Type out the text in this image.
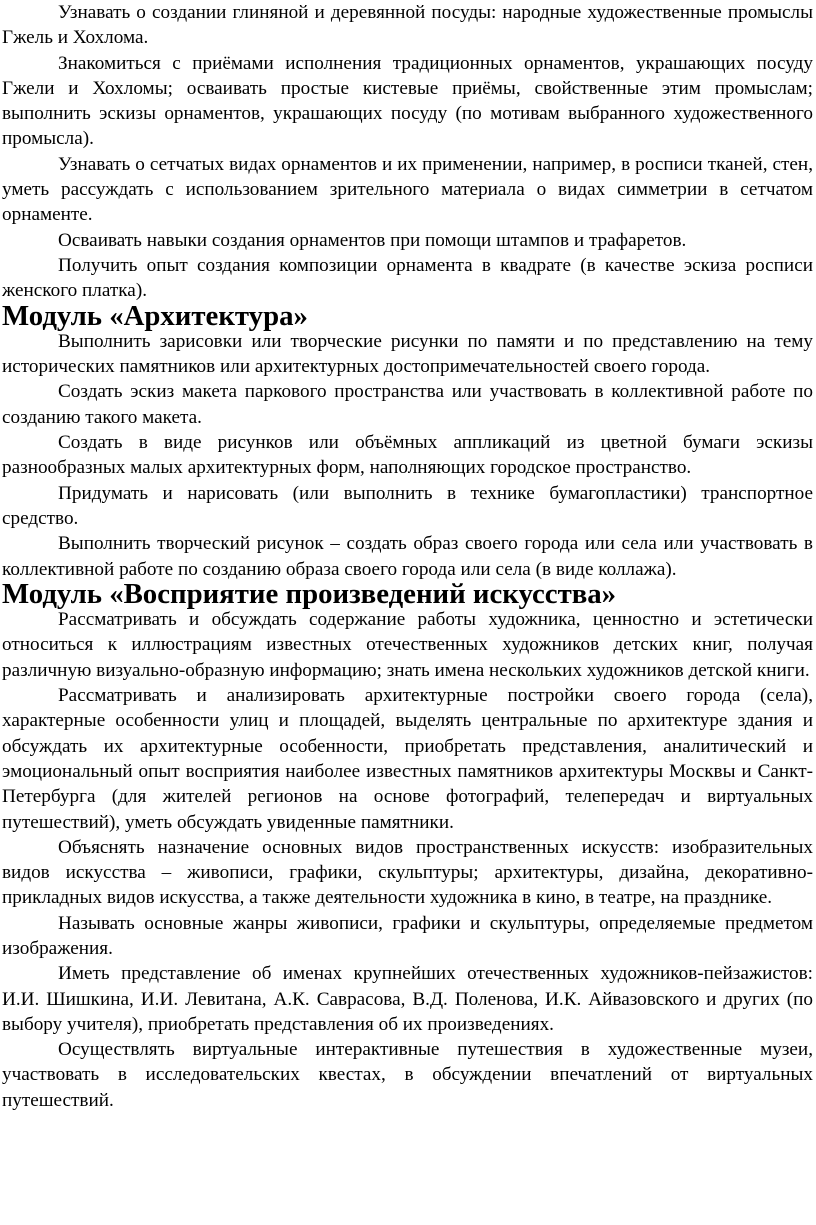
Узнавать о создании глиняной и деревянной посуды: народные художественные промыслы Гжель и Хохлома.

Знакомиться с приёмами исполнения традиционных орнаментов, украшающих посуду Гжели и Хохломы; осваивать простые кистевые приёмы, свойственные этим промыслам; выполнить эскизы орнаментов, украшающих посуду (по мотивам выбранного художественного промысла).

Узнавать о сетчатых видах орнаментов и их применении, например, в росписи тканей, стен, уметь рассуждать с использованием зрительного материала о видах симметрии в сетчатом орнаменте.

Осваивать навыки создания орнаментов при помощи штампов и трафаретов.

Получить опыт создания композиции орнамента в квадрате (в качестве эскиза росписи женского платка).

Модуль «Архитектура»

Выполнить зарисовки или творческие рисунки по памяти и по представлению на тему исторических памятников или архитектурных достопримечательностей своего города.

Создать эскиз макета паркового пространства или участвовать в коллективной работе по созданию такого макета.

Создать в виде рисунков или объёмных аппликаций из цветной бумаги эскизы разнообразных малых архитектурных форм, наполняющих городское пространство.

Придумать и нарисовать (или выполнить в технике бумагопластики) транспортное средство.

Выполнить творческий рисунок – создать образ своего города или села или участвовать в коллективной работе по созданию образа своего города или села (в виде коллажа).

Модуль «Восприятие произведений искусства»

Рассматривать и обсуждать содержание работы художника, ценностно и эстетически относиться к иллюстрациям известных отечественных художников детских книг, получая различную визуально-образную информацию; знать имена нескольких художников детской книги.

Рассматривать и анализировать архитектурные постройки своего города (села), характерные особенности улиц и площадей, выделять центральные по архитектуре здания и обсуждать их архитектурные особенности, приобретать представления, аналитический и эмоциональный опыт восприятия наиболее известных памятников архитектуры Москвы и Санкт-Петербурга (для жителей регионов на основе фотографий, телепередач и виртуальных путешествий), уметь обсуждать увиденные памятники.

Объяснять назначение основных видов пространственных искусств: изобразительных видов искусства – живописи, графики, скульптуры; архитектуры, дизайна, декоративно-прикладных видов искусства, а также деятельности художника в кино, в театре, на празднике.

Называть основные жанры живописи, графики и скульптуры, определяемые предметом изображения.

Иметь представление об именах крупнейших отечественных художников-пейзажистов: И.И. Шишкина, И.И. Левитана, А.К. Саврасова, В.Д. Поленова, И.К. Айвазовского и других (по выбору учителя), приобретать представления об их произведениях.

Осуществлять виртуальные интерактивные путешествия в художественные музеи, участвовать в исследовательских квестах, в обсуждении впечатлений от виртуальных путешествий.
